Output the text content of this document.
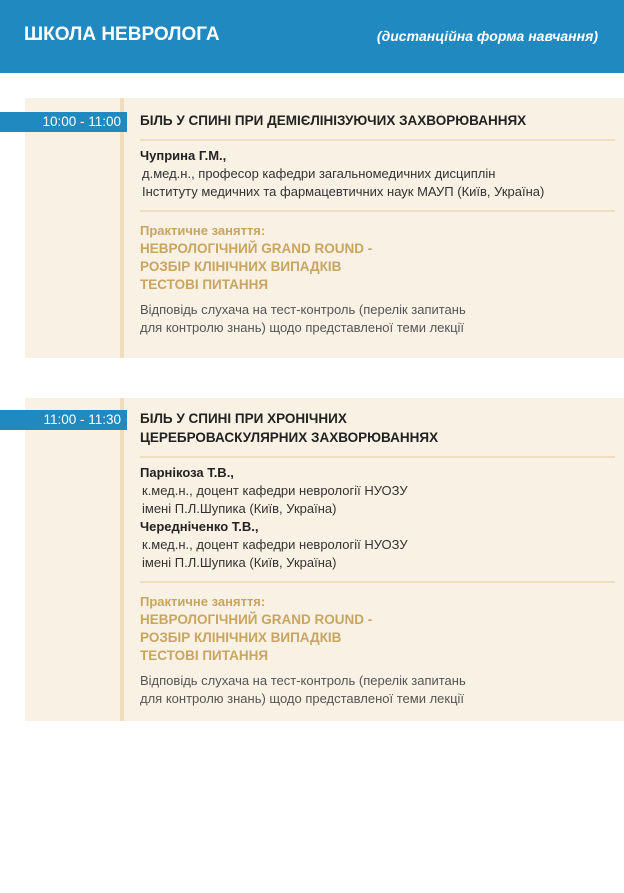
ШКОЛА НЕВРОЛОГА	(дистанційна форма навчання)
10:00 - 11:00	БІЛЬ У СПИНІ ПРИ ДЕМІЄЛІНІЗУЮЧИХ ЗАХВОРЮВАННЯХ
Чуприна Г.М.,
д.мед.н., професор кафедри загальномедичних дисциплін
Інституту медичних та фармацевтичних наук МАУП (Київ, Україна)
Практичне заняття:
НЕВРОЛОГІЧНИЙ GRAND ROUND -
РОЗБІР КЛІНІЧНИХ ВИПАДКІВ
ТЕСТОВІ ПИТАННЯ
Відповідь слухача на тест-контроль (перелік запитань
для контролю знань) щодо представленої теми лекції
11:00 - 11:30	БІЛЬ У СПИНІ ПРИ ХРОНІЧНИХ
ЦЕРЕБРОВАСКУЛЯРНИХ ЗАХВОРЮВАННЯХ
Парнікоза Т.В.,
к.мед.н., доцент кафедри неврології НУОЗУ
імені П.Л.Шупика (Київ, Україна)
Чередніченко Т.В.,
к.мед.н., доцент кафедри неврології НУОЗУ
імені П.Л.Шупика (Київ, Україна)
Практичне заняття:
НЕВРОЛОГІЧНИЙ GRAND ROUND -
РОЗБІР КЛІНІЧНИХ ВИПАДКІВ
ТЕСТОВІ ПИТАННЯ
Відповідь слухача на тест-контроль (перелік запитань
для контролю знань) щодо представленої теми лекції
